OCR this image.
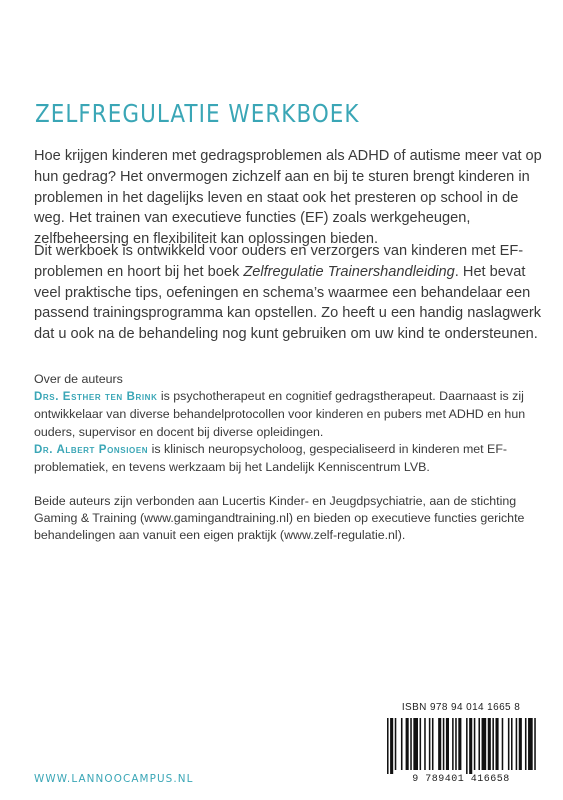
ZELFREGULATIE WERKBOEK
Hoe krijgen kinderen met gedragsproblemen als ADHD of autisme meer vat op hun gedrag? Het onvermogen zichzelf aan en bij te sturen brengt kinderen in problemen in het dagelijks leven en staat ook het presteren op school in de weg. Het trainen van executieve functies (EF) zoals werkgeheugen, zelfbeheersing en flexibiliteit kan oplossingen bieden.
Dit werkboek is ontwikkeld voor ouders en verzorgers van kinderen met EF-problemen en hoort bij het boek Zelfregulatie Trainershandleiding. Het bevat veel praktische tips, oefeningen en schema’s waarmee een behandelaar een passend trainingsprogramma kan opstellen. Zo heeft u een handig naslagwerk dat u ook na de behandeling nog kunt gebruiken om uw kind te ondersteunen.
Over de auteurs
Drs. Esther ten Brink is psychotherapeut en cognitief gedragstherapeut. Daarnaast is zij ontwikkelaar van diverse behandelprotocollen voor kinderen en pubers met ADHD en hun ouders, supervisor en docent bij diverse opleidingen.
Dr. Albert Ponsioen is klinisch neuropsycholoog, gespecialiseerd in kinderen met EF-problematiek, en tevens werkzaam bij het Landelijk Kenniscentrum LVB.
Beide auteurs zijn verbonden aan Lucertis Kinder- en Jeugdpsychiatrie, aan de stichting Gaming & Training (www.gamingandtraining.nl) en bieden op executieve functies gerichte behandelingen aan vanuit een eigen praktijk (www.zelf-regulatie.nl).
WWW.LANNOOCAMPUS.NL
ISBN 978 94 014 1665 8
9 789401 416658
